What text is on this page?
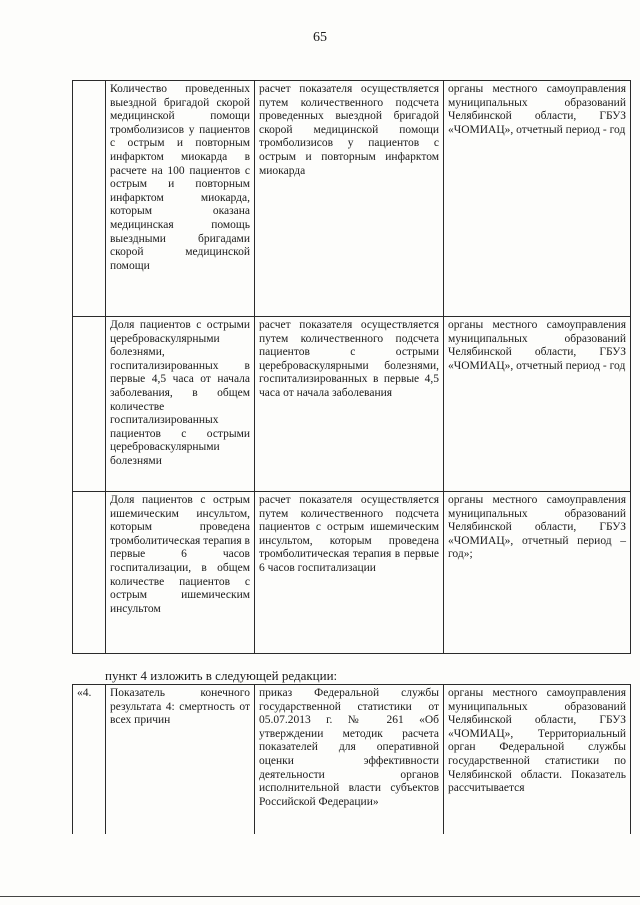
65
	Количество проведенных выездной бригадой скорой медицинской помощи тромболизисов у пациентов с острым и повторным инфарктом миокарда в расчете на 100 пациентов с острым и повторным инфарктом миокарда, которым оказана медицинская помощь выездными бригадами скорой медицинской помощи	расчет показателя осуществляется путем количественного подсчета проведенных выездной бригадой скорой медицинской помощи тромболизисов у пациентов с острым и повторным инфарктом миокарда	органы местного самоуправления муниципальных образований Челябинской области, ГБУЗ «ЧОМИАЦ», отчетный период - год
	Доля пациентов с острыми цереброваскулярными болезнями, госпитализированных в первые 4,5 часа от начала заболевания, в общем количестве госпитализированных пациентов с острыми цереброваскулярными болезнями	расчет показателя осуществляется путем количественного подсчета пациентов с острыми цереброваскулярными болезнями, госпитализированных в первые 4,5 часа от начала заболевания	органы местного самоуправления муниципальных образований Челябинской области, ГБУЗ «ЧОМИАЦ», отчетный период - год
	Доля пациентов с острым ишемическим инсультом, которым проведена тромболитическая терапия в первые 6 часов госпитализации, в общем количестве пациентов с острым ишемическим инсультом	расчет показателя осуществляется путем количественного подсчета пациентов с острым ишемическим инсультом, которым проведена тромболитическая терапия в первые 6 часов госпитализации	органы местного самоуправления муниципальных образований Челябинской области, ГБУЗ «ЧОМИАЦ», отчетный период – год»;
пункт 4 изложить в следующей редакции:
«4.	Показатель конечного результата 4: смертность от всех причин	приказ Федеральной службы государственной статистики от 05.07.2013 г. № 261 «Об утверждении методик расчета показателей для оперативной оценки эффективности деятельности органов исполнительной власти субъектов Российской Федерации»	органы местного самоуправления муниципальных образований Челябинской области, ГБУЗ «ЧОМИАЦ», Территориальный орган Федеральной службы государственной статистики по Челябинской области. Показатель рассчитывается
